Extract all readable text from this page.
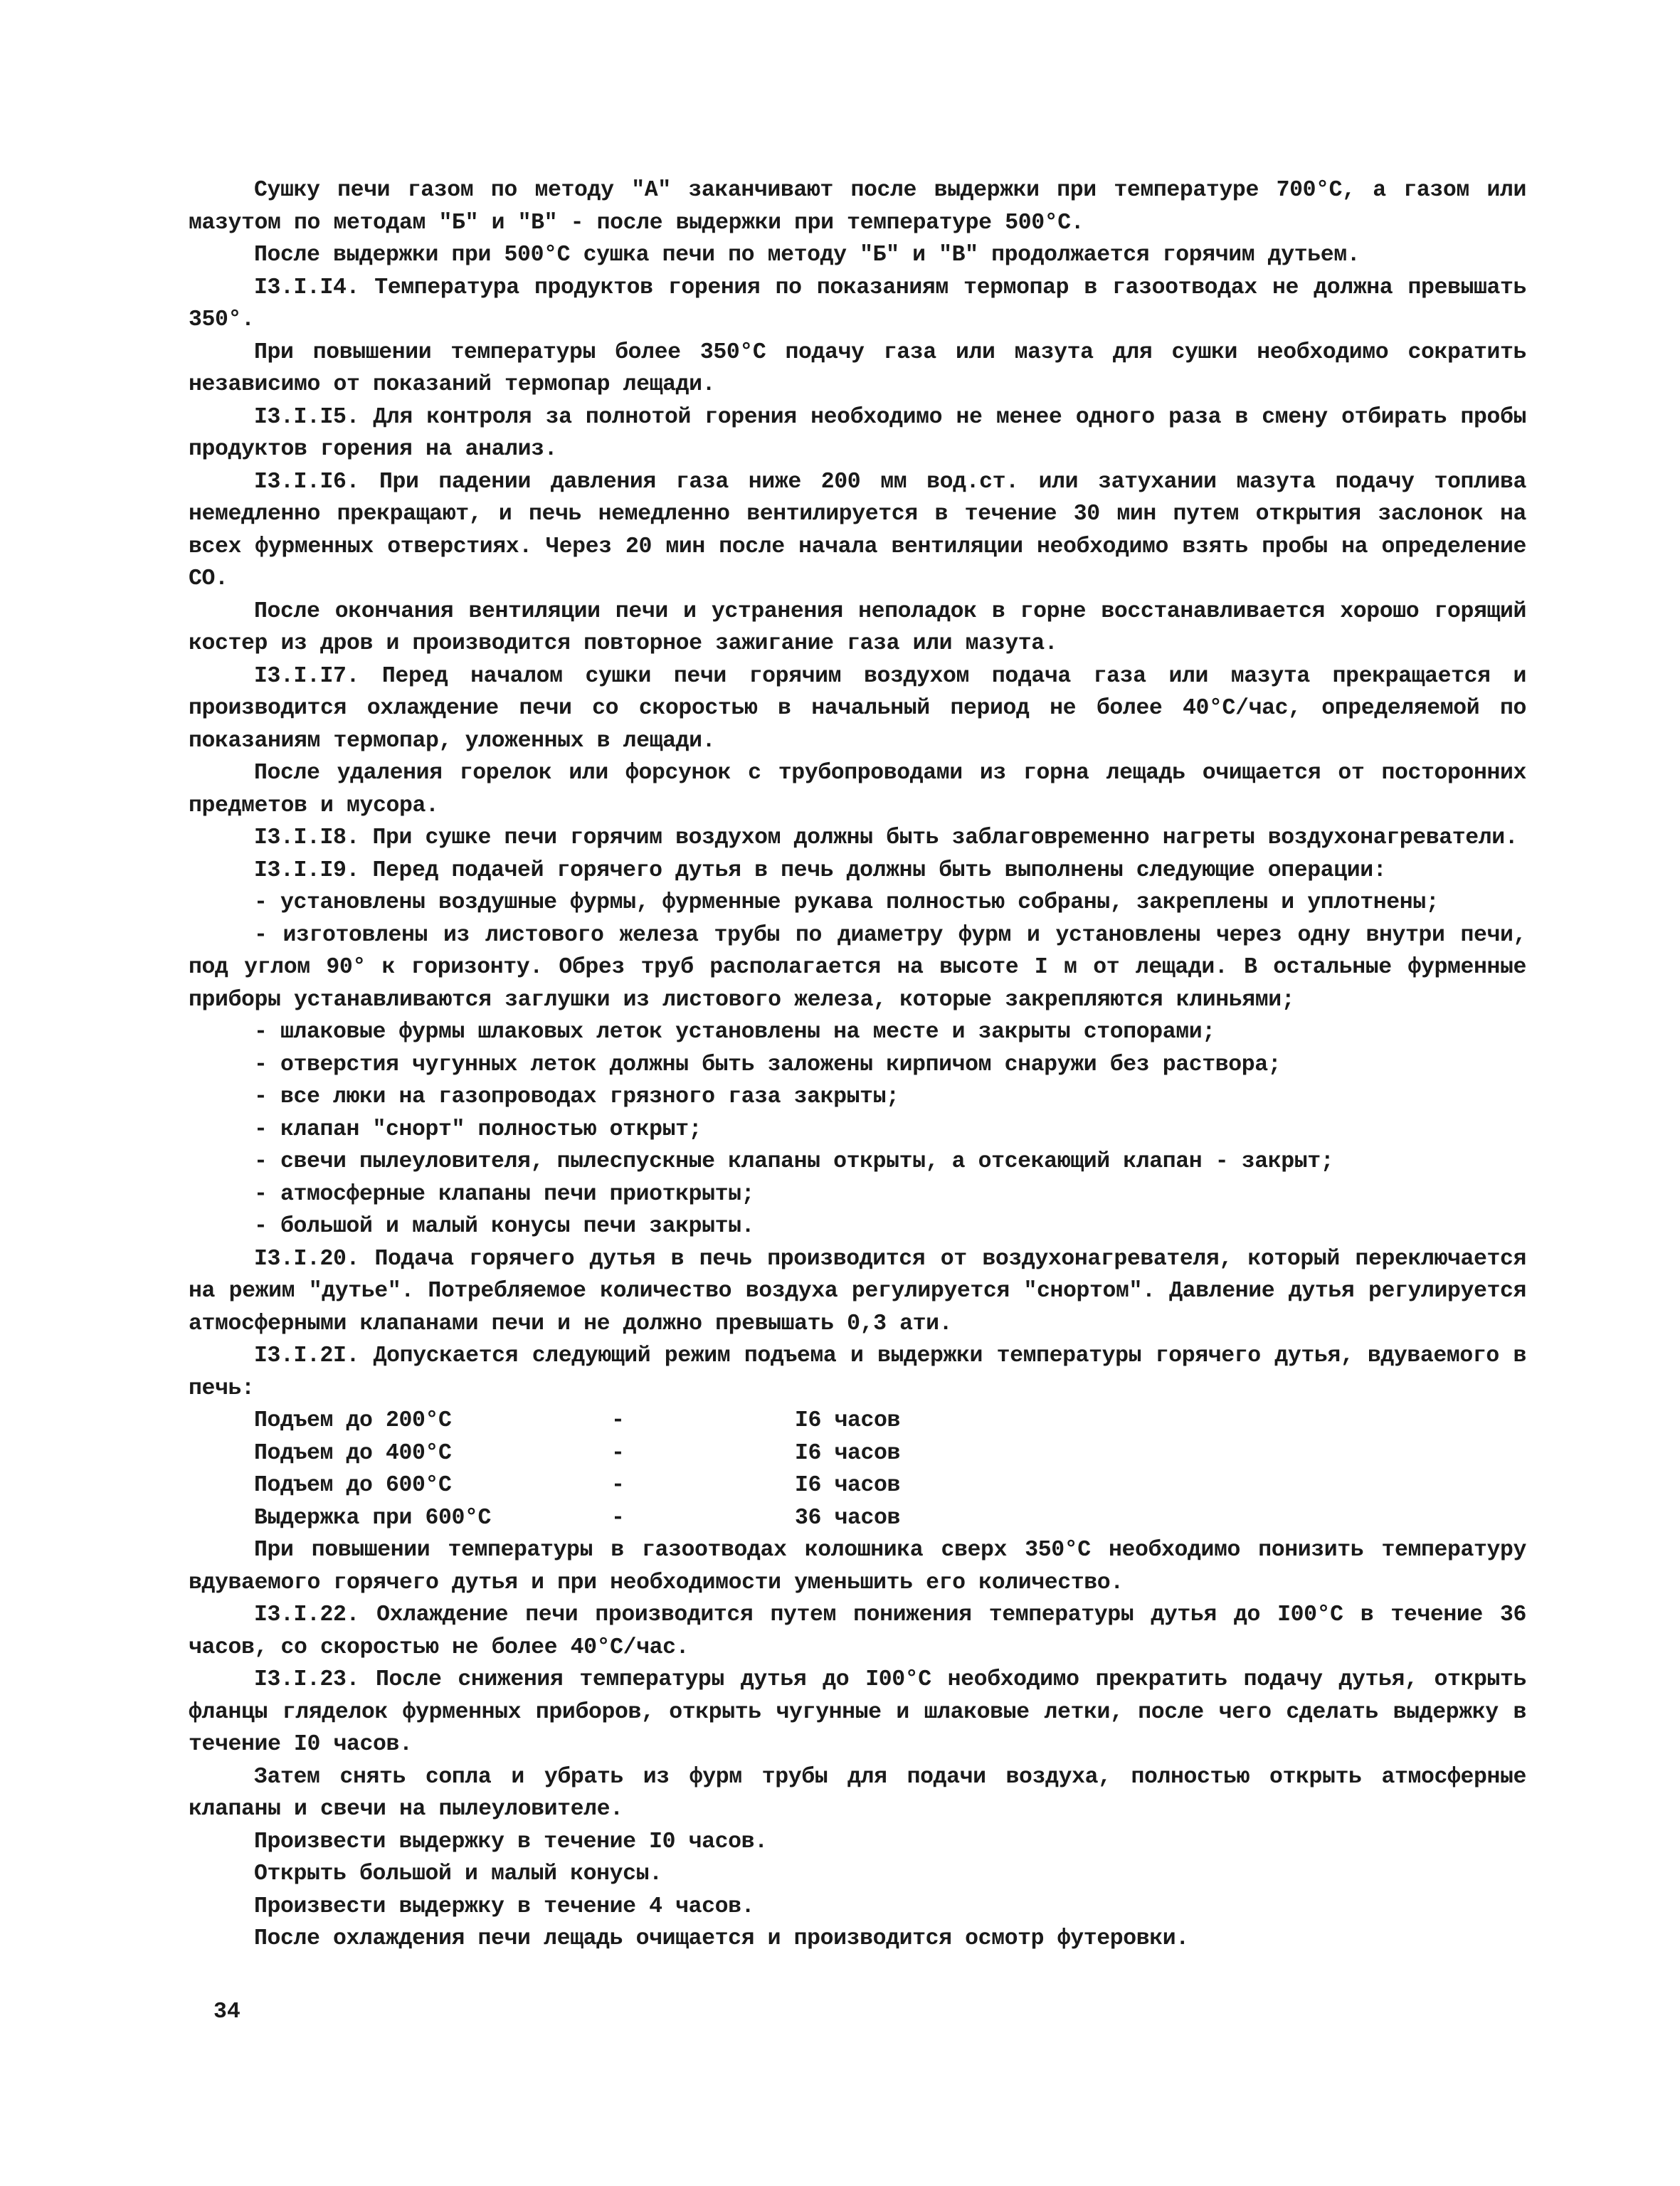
Сушку печи газом по методу "А" заканчивают после выдержки при температуре 700°С, а газом или мазутом по методам "Б" и "В" - после выдержки при температуре 500°С.

После выдержки при 500°С сушка печи по методу "Б" и "В" продолжается горячим дутьем.

I3.I.I4. Температура продуктов горения по показаниям термопар в газоотводах не должна превышать 350°.

При повышении температуры более 350°С подачу газа или мазута для сушки необходимо сократить независимо от показаний термопар лещади.

I3.I.I5. Для контроля за полнотой горения необходимо не менее одного раза в смену отбирать пробы продуктов горения на анализ.

I3.I.I6. При падении давления газа ниже 200 мм вод.ст. или затухании мазута подачу топлива немедленно прекращают, и печь немедленно вентилируется в течение 30 мин путем открытия заслонок на всех фурменных отверстиях. Через 20 мин после начала вентиляции необходимо взять пробы на определение СО.

После окончания вентиляции печи и устранения неполадок в горне восстанавливается хорошо горящий костер из дров и производится повторное зажигание газа или мазута.

I3.I.I7. Перед началом сушки печи горячим воздухом подача газа или мазута прекращается и производится охлаждение печи со скоростью в начальный период не более 40°С/час, определяемой по показаниям термопар, уложенных в лещади.

После удаления горелок или форсунок с трубопроводами из горна лещадь очищается от посторонних предметов и мусора.

I3.I.I8. При сушке печи горячим воздухом должны быть заблаговременно нагреты воздухонагреватели.

I3.I.I9. Перед подачей горячего дутья в печь должны быть выполнены следующие операции:

- установлены воздушные фурмы, фурменные рукава полностью собраны, закреплены и уплотнены;

- изготовлены из листового железа трубы по диаметру фурм и установлены через одну внутри печи, под углом 90° к горизонту. Обрез труб располагается на высоте I м от лещади. В остальные фурменные приборы устанавливаются заглушки из листового железа, которые закрепляются клиньями;

- шлаковые фурмы шлаковых леток установлены на месте и закрыты стопорами;

- отверстия чугунных леток должны быть заложены кирпичом снаружи без раствора;

- все люки на газопроводах грязного газа закрыты;

- клапан "снорт" полностью открыт;

- свечи пылеуловителя, пылеспускные клапаны открыты, а отсекающий клапан - закрыт;

- атмосферные клапаны печи приоткрыты;

- большой и малый конусы печи закрыты.

I3.I.20. Подача горячего дутья в печь производится от воздухонагревателя, который переключается на режим "дутье". Потребляемое количество воздуха регулируется "снортом". Давление дутья регулируется атмосферными клапанами печи и не должно превышать 0,3 ати.

I3.I.2I. Допускается следующий режим подъема и выдержки температуры горячего дутья, вдуваемого в печь:

Подъем до 200°С	-	I6 часов
Подъем до 400°С	-	I6 часов
Подъем до 600°С	-	I6 часов
Выдержка при 600°С	-	36 часов

При повышении температуры в газоотводах колошника сверх 350°С необходимо понизить температуру вдуваемого горячего дутья и при необходимости уменьшить его количество.

I3.I.22. Охлаждение печи производится путем понижения температуры дутья до I00°С в течение 36 часов, со скоростью не более 40°С/час.

I3.I.23. После снижения температуры дутья до I00°С необходимо прекратить подачу дутья, открыть фланцы гляделок фурменных приборов, открыть чугунные и шлаковые летки, после чего сделать выдержку в течение I0 часов.

Затем снять сопла и убрать из фурм трубы для подачи воздуха, полностью открыть атмосферные клапаны и свечи на пылеуловителе.

Произвести выдержку в течение I0 часов.

Открыть большой и малый конусы.

Произвести выдержку в течение 4 часов.

После охлаждения печи лещадь очищается и производится осмотр футеровки.

34
